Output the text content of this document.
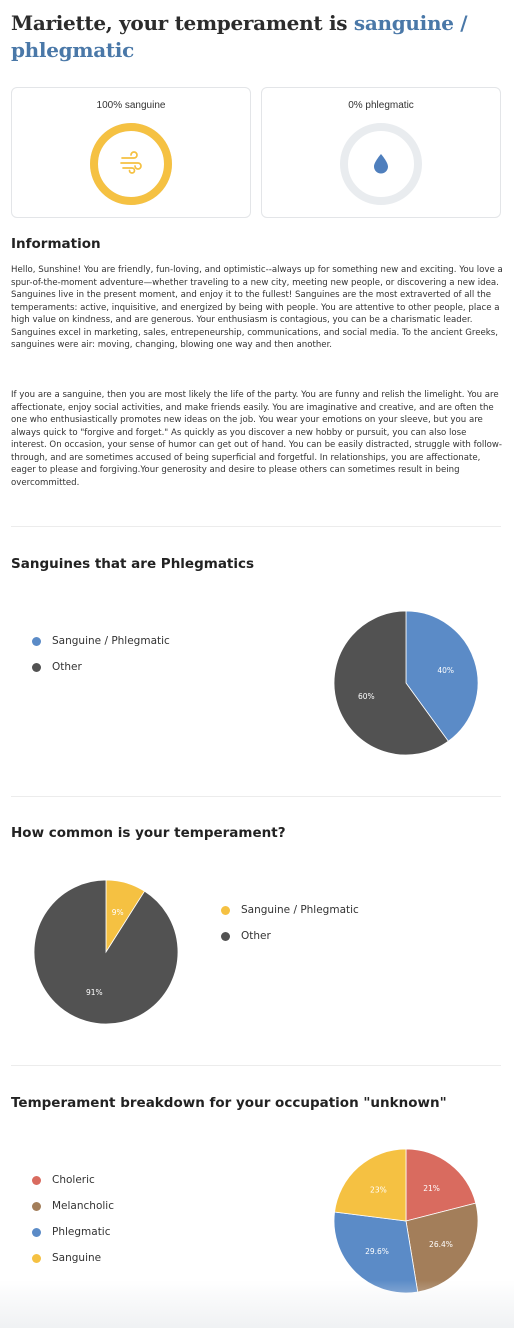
Mariette, your temperament is sanguine / phlegmatic
100% sanguine	0% phlegmatic
Information

Hello, Sunshine! You are friendly, fun-loving, and optimistic--always up for something new and exciting. You love a spur-of-the-moment adventure—whether traveling to a new city, meeting new people, or discovering a new idea. Sanguines live in the present moment, and enjoy it to the fullest! Sanguines are the most extraverted of all the temperaments: active, inquisitive, and energized by being with people. You are attentive to other people, place a high value on kindness, and are generous. Your enthusiasm is contagious, you can be a charismatic leader. Sanguines excel in marketing, sales, entrepeneurship, communications, and social media. To the ancient Greeks, sanguines were air: moving, changing, blowing one way and then another.

If you are a sanguine, then you are most likely the life of the party. You are funny and relish the limelight. You are affectionate, enjoy social activities, and make friends easily. You are imaginative and creative, and are often the one who enthusiastically promotes new ideas on the job. You wear your emotions on your sleeve, but you are always quick to "forgive and forget." As quickly as you discover a new hobby or pursuit, you can also lose interest. On occasion, your sense of humor can get out of hand. You can be easily distracted, struggle with follow-through, and are sometimes accused of being superficial and forgetful. In relationships, you are affectionate, eager to please and forgiving.Your generosity and desire to please others can sometimes result in being overcommitted.

Sanguines that are Phlegmatics
Sanguine / Phlegmatic
Other	40%
60%
How common is your temperament?
9%
91%
Sanguine / Phlegmatic
Other
Temperament breakdown for your occupation "unknown"
Choleric
Melancholic
Phlegmatic
Sanguine
21%
26.4%
29.6%
23%
